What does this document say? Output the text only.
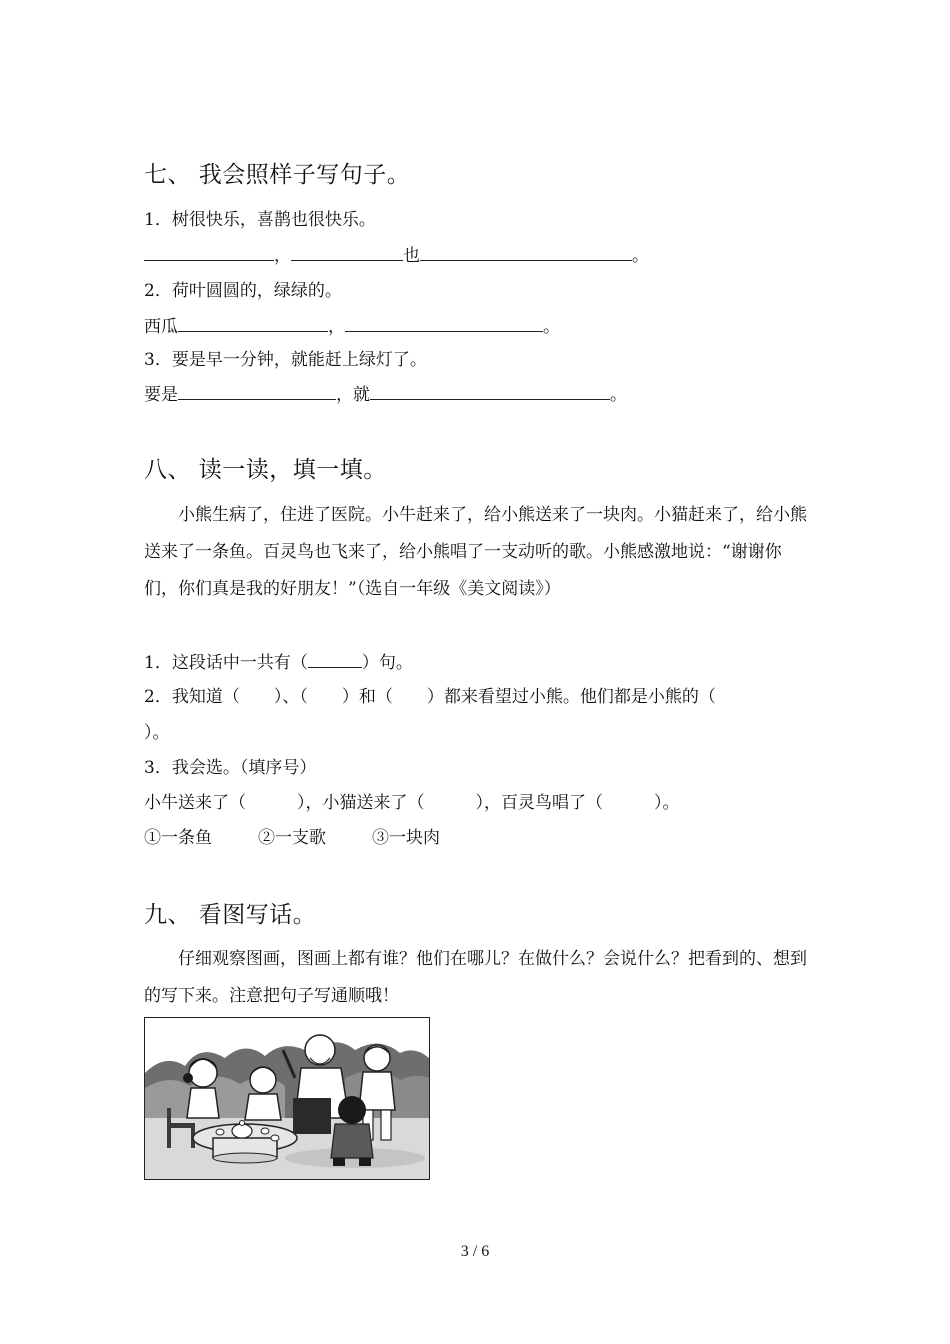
七、 我会照样子写句子。
1．树很快乐，喜鹊也很快乐。
，	也	。
2．荷叶圆圆的，绿绿的。
西瓜	，	。
3．要是早一分钟，就能赶上绿灯了。
要是	，就	。
八、 读一读，填一填。

小熊生病了，住进了医院。小牛赶来了，给小熊送来了一块肉。小猫赶来了，给小熊送来了一条鱼。百灵鸟也飞来了，给小熊唱了一支动听的歌。小熊感激地说：“谢谢你们，你们真是我的好朋友！”（选自一年级《美文阅读》）

1．这段话中一共有（	）句。
2．我知道（　　）、（　　）和（　　）都来看望过小熊。他们都是小熊的（
）。
3．我会选。（填序号）
小牛送来了（　　　），小猫送来了（　　　），百灵鸟唱了（　　　）。
①一条鱼	②一支歌	③一块肉
九、 看图写话。

仔细观察图画，图画上都有谁？他们在哪儿？在做什么？会说什么？把看到的、想到的写下来。注意把句子写通顺哦！

3 / 6
